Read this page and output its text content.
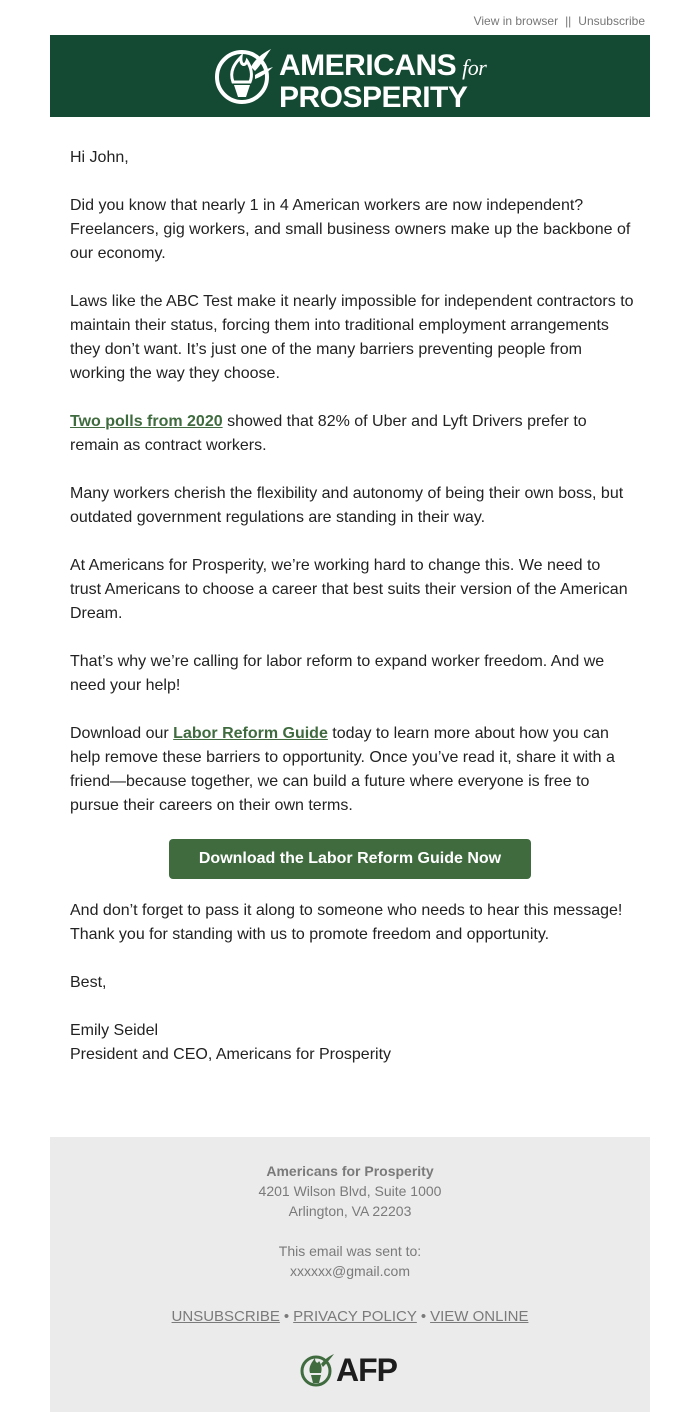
View in browser || Unsubscribe
AMERICANS for
PROSPERITY

Hi John,

Did you know that nearly 1 in 4 American workers are now independent? Freelancers, gig workers, and small business owners make up the backbone of our economy.

Laws like the ABC Test make it nearly impossible for independent contractors to maintain their status, forcing them into traditional employment arrangements they don’t want. It’s just one of the many barriers preventing people from working the way they choose.

Two polls from 2020 showed that 82% of Uber and Lyft Drivers prefer to remain as contract workers.

Many workers cherish the flexibility and autonomy of being their own boss, but outdated government regulations are standing in their way.

At Americans for Prosperity, we’re working hard to change this. We need to trust Americans to choose a career that best suits their version of the American Dream.

That’s why we’re calling for labor reform to expand worker freedom. And we need your help!

Download our Labor Reform Guide today to learn more about how you can help remove these barriers to opportunity. Once you’ve read it, share it with a friend—because together, we can build a future where everyone is free to pursue their careers on their own terms.

Download the Labor Reform Guide Now

And don’t forget to pass it along to someone who needs to hear this message! Thank you for standing with us to promote freedom and opportunity.

Best,

Emily Seidel
President and CEO, Americans for Prosperity

Americans for Prosperity
4201 Wilson Blvd, Suite 1000
Arlington, VA 22203
This email was sent to:
xxxxxx@gmail.com
UNSUBSCRIBE • PRIVACY POLICY • VIEW ONLINE
AFP
